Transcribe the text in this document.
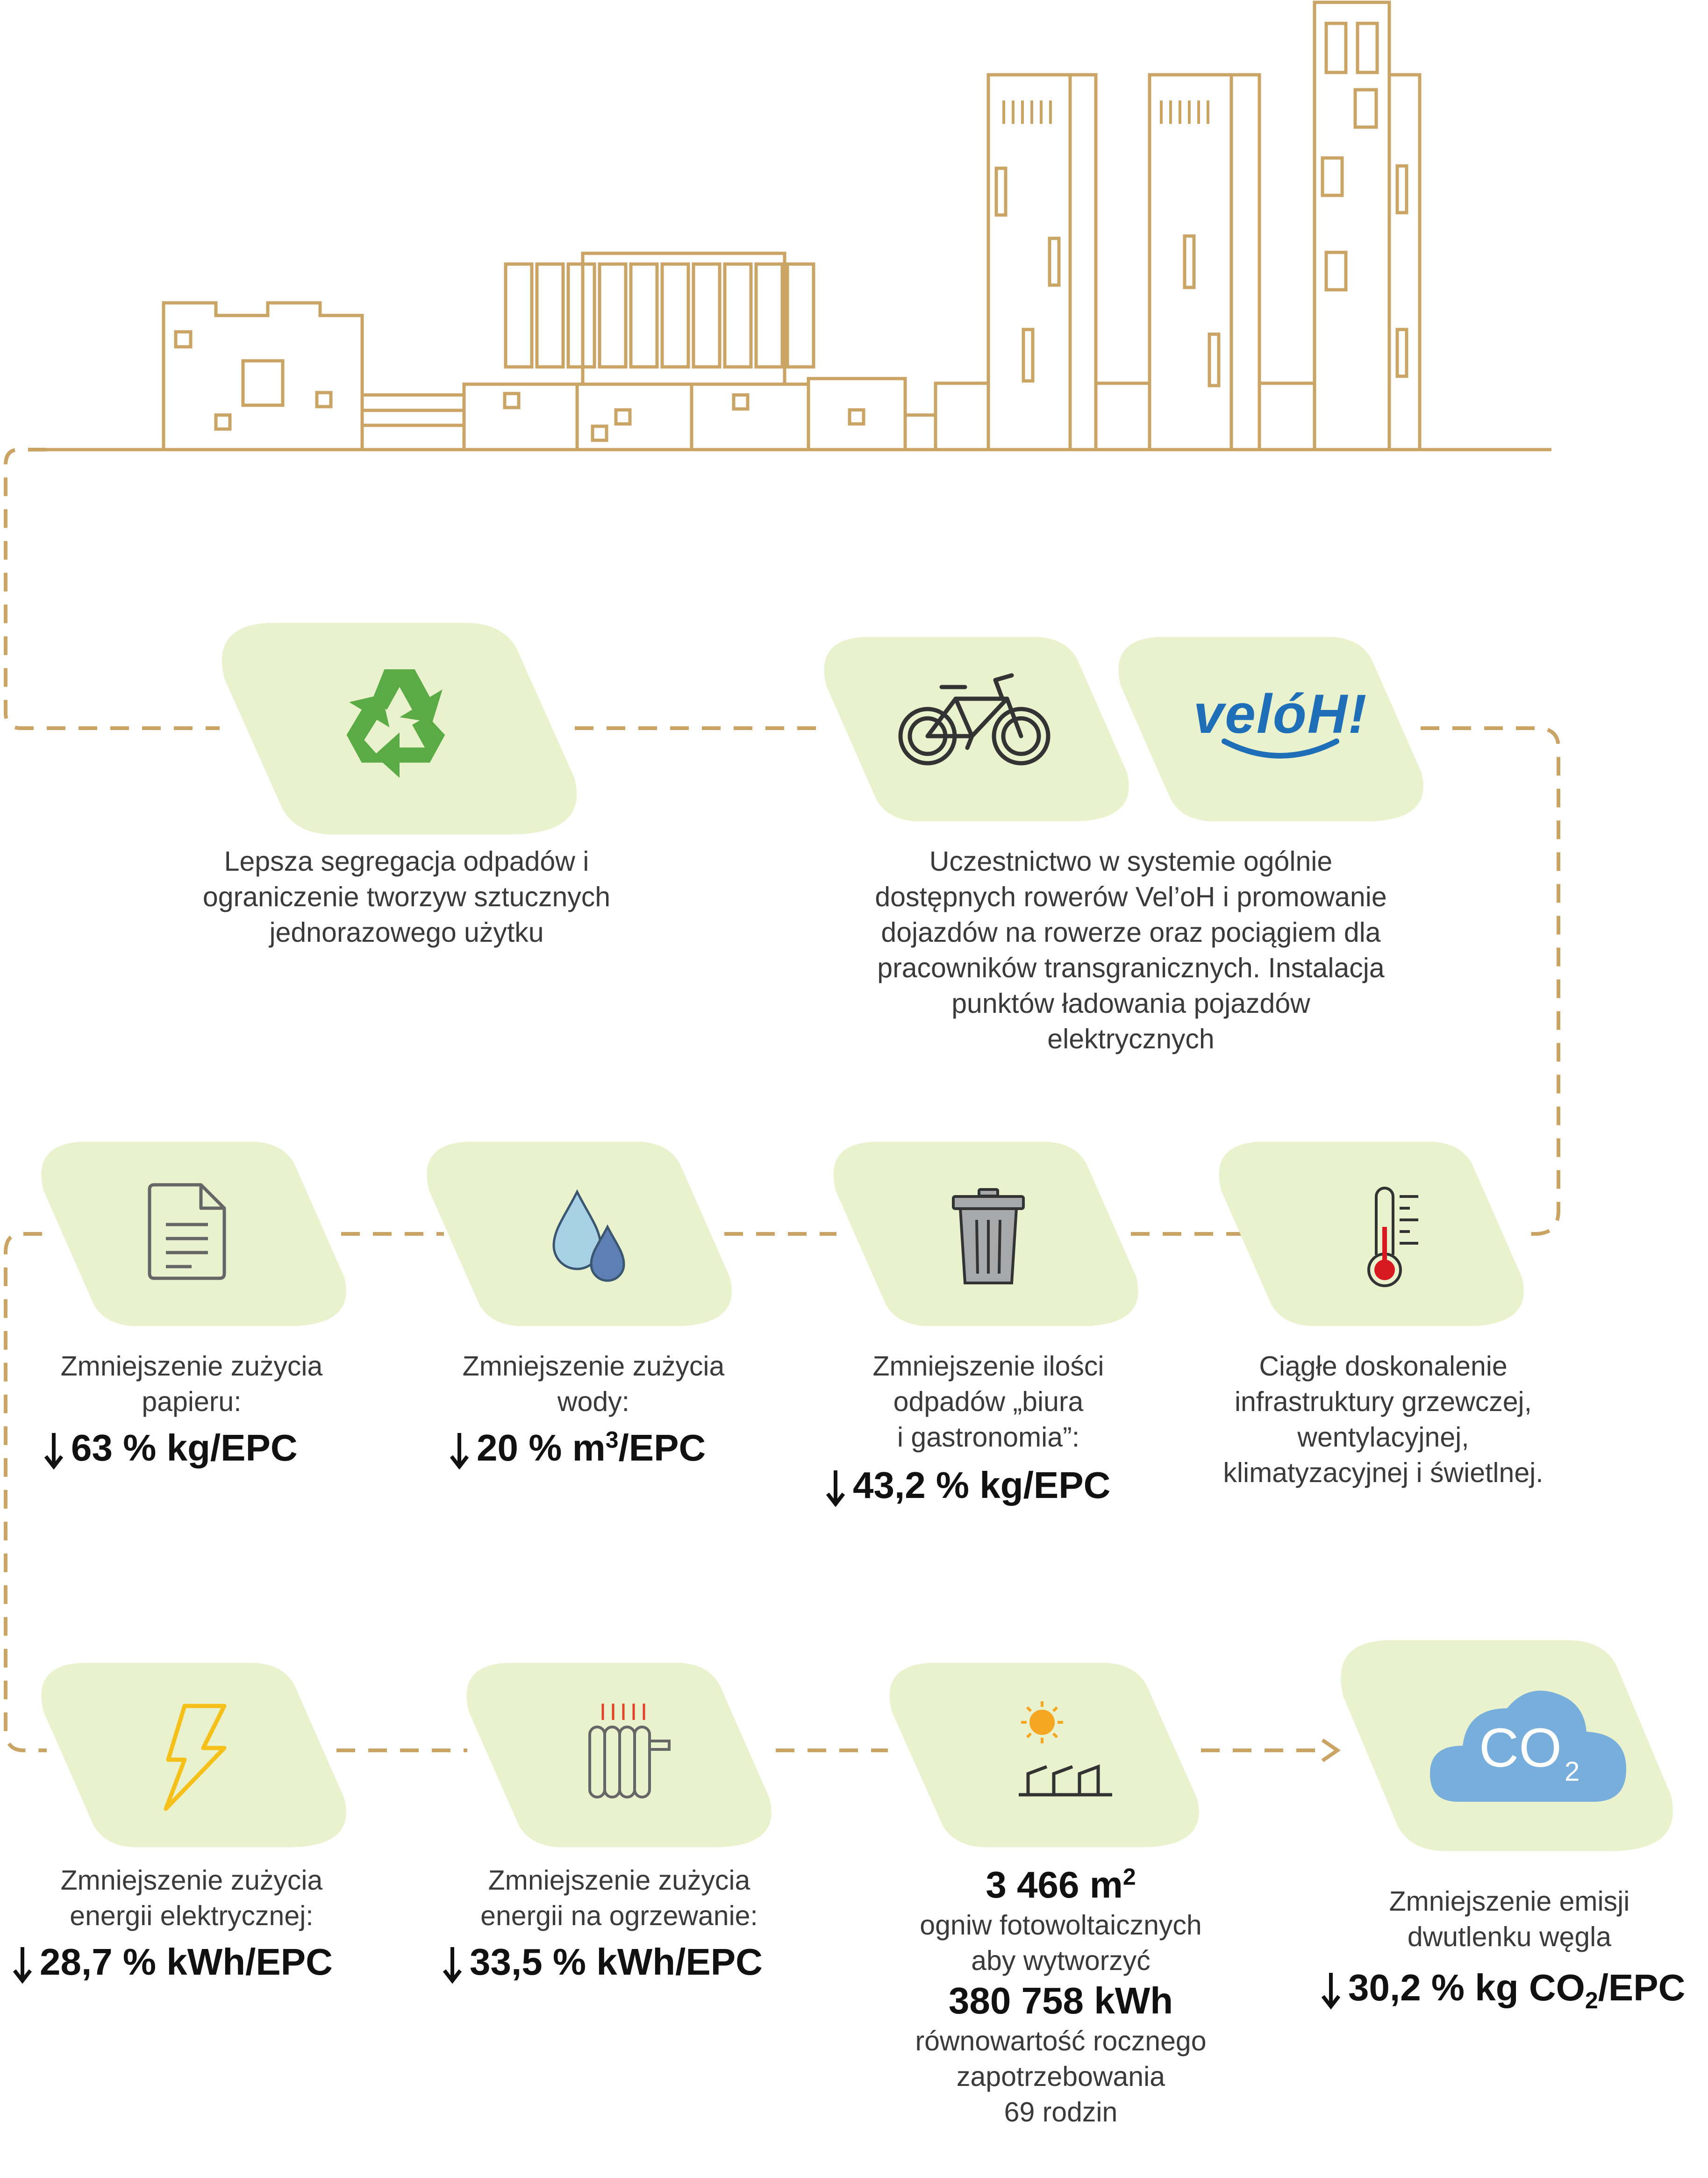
velóH!
CO $_2$
Lepsza segregacja odpadów i
ograniczenie tworzyw sztucznych
jednorazowego użytku
Uczestnictwo w systemie ogólnie
dostępnych rowerów Vel’oH i promowanie
dojazdów na rowerze oraz pociągiem dla
pracowników transgranicznych. Instalacja
punktów ładowania pojazdów
elektrycznych
Zmniejszenie zużycia
papieru:
63 % kg/EPC
Zmniejszenie zużycia
wody:
20 % $m^3$/EPC
Zmniejszenie ilości
odpadów „biura
i gastronomia”:
43,2 % kg/EPC
Ciągłe doskonalenie
infrastruktury grzewczej,
wentylacyjnej,
klimatyzacyjnej i świetlnej.
Zmniejszenie zużycia
energii elektrycznej:
28,7 % kWh/EPC
Zmniejszenie zużycia
energii na ogrzewanie:
33,5 % kWh/EPC
3 466 $m^2$
ogniw fotowoltaicznych
aby wytworzyć
380 758 kWh
równowartość rocznego
zapotrzebowania
69 rodzin
Zmniejszenie emisji
dwutlenku węgla
30,2 % kg $CO_2$/EPC
